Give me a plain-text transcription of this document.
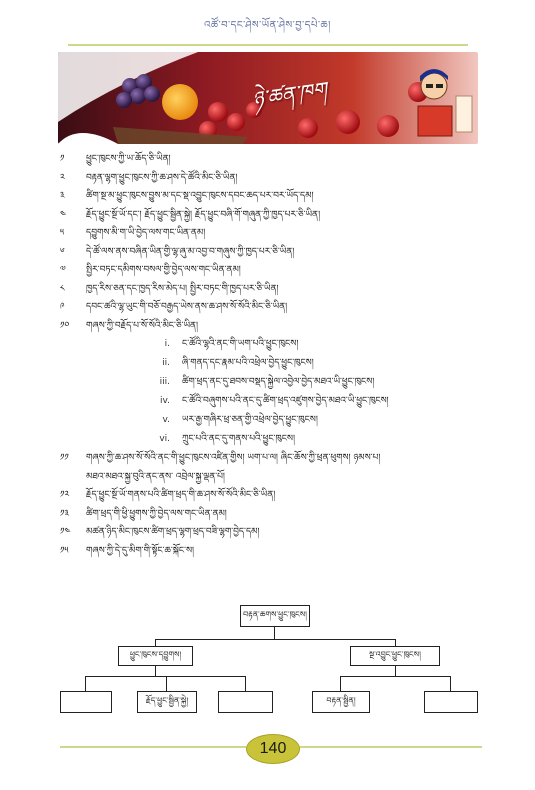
འཚོ་བ་དང་ཤེས་ཡོན་ཤེས་བྱ་དཔེ་ཆ།
ཉེ་ཚན་ཁག
༡	ཕྱུང་ཁུངས་ཀྱི་ཡ་ཆོད་ཅི་ཡིན།
༢	བརྟན་ལྷག་ཕྱུང་ཁུངས་ཀྱི་ཆ་ཤས་དེ་ཚོའི་མིང་ཅི་ཡིན།
༣	ཚིག་སྔ་མ་ཕྱུང་ཁུངས་བྱུས་མ་དང་སྡ་འབྱུང་ཁུངས་དབང་ཆད་པར་བར་ཡོད་དམ།
༤	རྗོད་ཕྱུང་སྔོ་ཡོ་དང་། རྗོད་ཕྱུང་སྦྱིན་སྐྱེ། རྗོད་ཕྱུང་བཞི་གོ་གཞུན་ཀྱི་ཁྱད་པར་ཅི་ཡིན།
༥	དབྱུགས་མི་ག་ཡི་བྱེད་ལས་གང་ཡིན་ནམ།
༦	དེ་ཚོ་ལས་ནས་བཞིན་ཡིན་གྱི་ལྷ་ཞུ་མ་འབྱ་བ་གཞུས་ཀྱི་ཁྱད་པར་ཅི་ཡིན།
༧	སྤྱིར་བཏང་དམིགས་བསལ་གྱི་བྱེད་ལས་གང་ཡིན་ནམ།
༨	ཁྱད་རིས་ཅན་དང་ཁྱད་རིས་མེད་པ། སྤྱིར་བཏང་གི་ཁྱད་པར་ཅི་ཡིན།
༩	དབང་ཚའི་ལྷ་ཡུང་གི་བཅོ་བརྒྱད་ཡེས་ནས་ཆ་ཤས་སོ་སོའི་མིང་ཅི་ཡིན།
༡༠	གཞས་ཀྱི་བརྗོད་པ་སོ་སོའི་མིང་ཅི་ཡིན།
i.	ང་ཚོའི་ལྷའི་ནང་གི་ཡག་པའི་ཕྱུང་ཁུངས།
ii.	ཞི་གནད་དང་རྣམ་པའི་འཕྲེལ་བྱེད་ཕྱུང་ཁུངས།
iii.	ཚིག་ཕྲད་ནང་དུ་ཐབས་བསྡད་སྐྱེལ་འབྱེལ་བྱེད་མཐའ་ཡི་ཕྱུང་ཁུངས།
iv.	ང་ཚོའི་བཞུགས་པའི་ནང་དུ་ཚིག་ཕྲད་འཛུགས་བྱེད་མཐའ་ཡི་ཕྱུང་ཁུངས།
v.	ཡར་རྒྱ་གཞིར་ཕྲ་ཅན་གྱི་འཕྲེལ་བྱེད་ཕྱུང་ཁུངས།
vi.	ཀྲུང་པའི་ནང་དུ་གནས་པའི་ཕྱུང་ཁུངས།
༡༡	གཞས་ཀྱི་ཆ་ཤས་སོ་སོའི་ནང་གི་ཕྱུང་ཁུངས་འཛིན་གྱིས། ཡག་པ་ལ། ཞིང་ཆོས་ཀྱི་ཕྲན་ཕུགས། ཉམས་པ།
མཐའ་མཐའ་སྐྱ་བུའི་ནང་ནས་ འབྲེལ་སྐྱ་ལྡན་པོ།
༡༢	རྗོད་ཕྱུང་སྔོ་ཡོ་གནས་པའི་ཚིག་ཕྲད་གི་ཆ་ཤས་སོ་སོའི་མིང་ཅི་ཡིན།
༡༣	ཚིག་ཕྲད་གི་ཕྱི་ཕྱུགས་ཀྱི་བྱེད་ལས་གང་ཡིན་ནམ།
༡༤	མཚན་ཉིད་མིང་ཁུངས་ཚིག་ཕྲད་ལྷག་ཕྲད་བཟི་ལྷག་བྱེད་དམ།
༡༥	གཞས་ཀྱི་དེ་དུ་མིག་གི་སྟོང་ཆ་སྐོང་ས།
བརྟན་ཆགས་ཕྱུང་ཁུངས།
ཕྱུང་ཁུངས་དབྱུགས།	སྔ་འབྱུང་ཕྱུང་ཁུངས།
རྗོད་ཕྱུང་སྦྱིན་སྐྱེ།	བརྟན་སྦྱིན།
140
